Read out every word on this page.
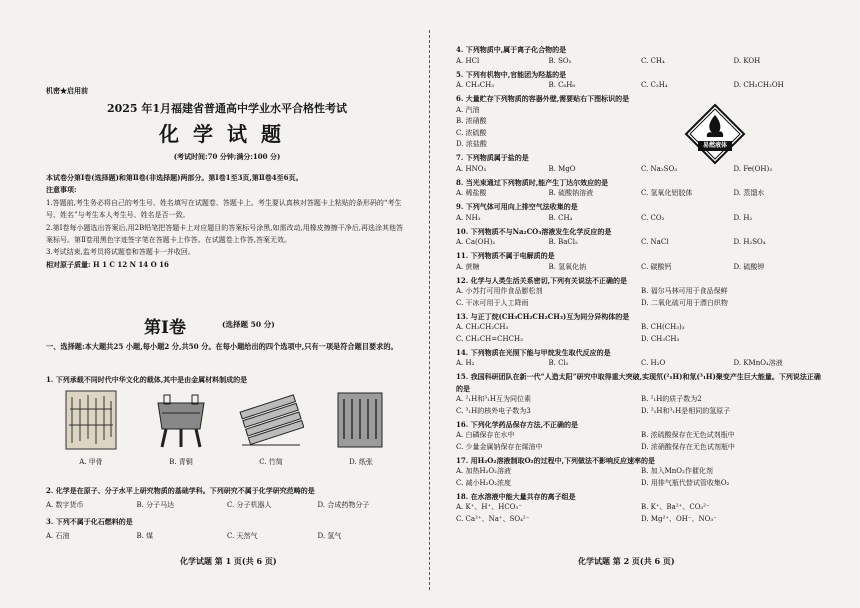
机密★启用前
2025 年1月福建省普通高中学业水平合格性考试
化学试题
(考试时间:70 分钟;满分:100 分)

本试卷分第Ⅰ卷(选择题)和第Ⅱ卷(非选择题)两部分。第Ⅰ卷1至3页,第Ⅱ卷4至6页。

注意事项:

1.答题前,考生务必将自己的考生号、姓名填写在试题卷、答题卡上。考生要认真核对答题卡上粘贴的条形码的“考生号、姓名”与考生本人考生号、姓名是否一致。

2.第Ⅰ卷每小题选出答案后,用2B铅笔把答题卡上对应题目的答案标号涂黑,如需改动,用橡皮擦擦干净后,再选涂其他答案标号。第Ⅱ卷用黑色字迹签字笔在答题卡上作答。在试题卷上作答,答案无效。

3.考试结束,监考员将试题卷和答题卡一并收回。

相对原子质量: H 1 C 12 N 14 O 16

第Ⅰ卷	(选择题 50 分)

一、选择题:本大题共25 小题,每小题2 分,共50 分。在每小题给出的四个选项中,只有一项是符合题目要求的。

1. 下列承载不同时代中华文化的载体,其中是由金属材料制成的是

A. 甲骨	B. 青铜	C. 竹简	D. 纸张

2. 化学是在原子、分子水平上研究物质的基础学科。下列研究不属于化学研究范畴的是

A. 数字货币	B. 分子马达	C. 分子机器人	D. 合成药物分子

3. 下列不属于化石燃料的是

A. 石油	B. 煤	C. 天然气	D. 氢气
化学试题 第 1 页(共 6 页)

4. 下列物质中,属于离子化合物的是

A. HCl	B. SO₂	C. CH₄	D. KOH

5. 下列有机物中,官能团为羟基的是

A. CH₃CH₃	B. C₆H₆	C. C₂H₄	D. CH₃CH₂OH

6. 大量贮存下列物质的容器外壁,需要贴右下图标识的是

A. 汽油
B. 浓硝酸
C. 浓硫酸
D. 浓盐酸

7. 下列物质属于盐的是

A. HNO₃	B. MgO	C. Na₂SO₃	D. Fe(OH)₃

8. 当光束通过下列物质时,能产生丁达尔效应的是

A. 稀盐酸	B. 硫酸钠溶液	C. 氢氧化铝胶体	D. 蒸馏水

9. 下列气体可用向上排空气法收集的是

A. NH₃	B. CH₄	C. CO₂	D. H₂

10. 下列物质不与Na₂CO₃溶液发生化学反应的是

A. Ca(OH)₂	B. BaCl₂	C. NaCl	D. H₂SO₄

11. 下列物质不属于电解质的是

A. 蔗糖	B. 氢氧化钠	C. 碳酸钙	D. 硫酸钾

12. 化学与人类生活关系密切,下列有关说法不正确的是

A. 小苏打可用作食品膨松剂	B. 福尔马林可用于食品保鲜
C. 干冰可用于人工降雨	D. 二氧化硫可用于漂白织物

13. 与正丁烷(CH₃CH₂CH₂CH₃)互为同分异构体的是

A. CH₃CH₂CH₃	B. CH(CH₃)₃
C. CH₂CH=CHCH₃	D. CH₃CH₃

14. 下列物质在光照下能与甲烷发生取代反应的是

A. H₂	B. Cl₂	C. H₂O	D. KMnO₄溶液

15. 我国科研团队在新一代“人造太阳”研究中取得重大突破,实现氘(²₁H)和氚(³₁H)聚变产生巨大能量。下列说法正确的是

A. ²₁H和³₁H互为同位素	B. ²₁H的质子数为2
C. ³₁H的核外电子数为3	D. ²₁H和³₁H是相同的氢原子

16. 下列化学药品保存方法,不正确的是

A. 白磷保存在水中	B. 浓硫酸保存在无色试剂瓶中
C. 少量金属钠保存在煤油中	D. 浓硝酸保存在无色试剂瓶中

17. 用H₂O₂溶液制取O₂的过程中,下列做法不影响反应速率的是

A. 加热H₂O₂溶液	B. 加入MnO₂作催化剂
C. 减小H₂O₂浓度	D. 用排气瓶代替试管收集O₂

18. 在水溶液中能大量共存的离子组是

A. K⁺、H⁺、HCO₃⁻	B. K⁺、Ba²⁺、CO₃²⁻
C. Ca²⁺、Na⁺、SO₄²⁻	D. Mg²⁺、OH⁻、NO₃⁻
易燃液体
化学试题 第 2 页(共 6 页)
